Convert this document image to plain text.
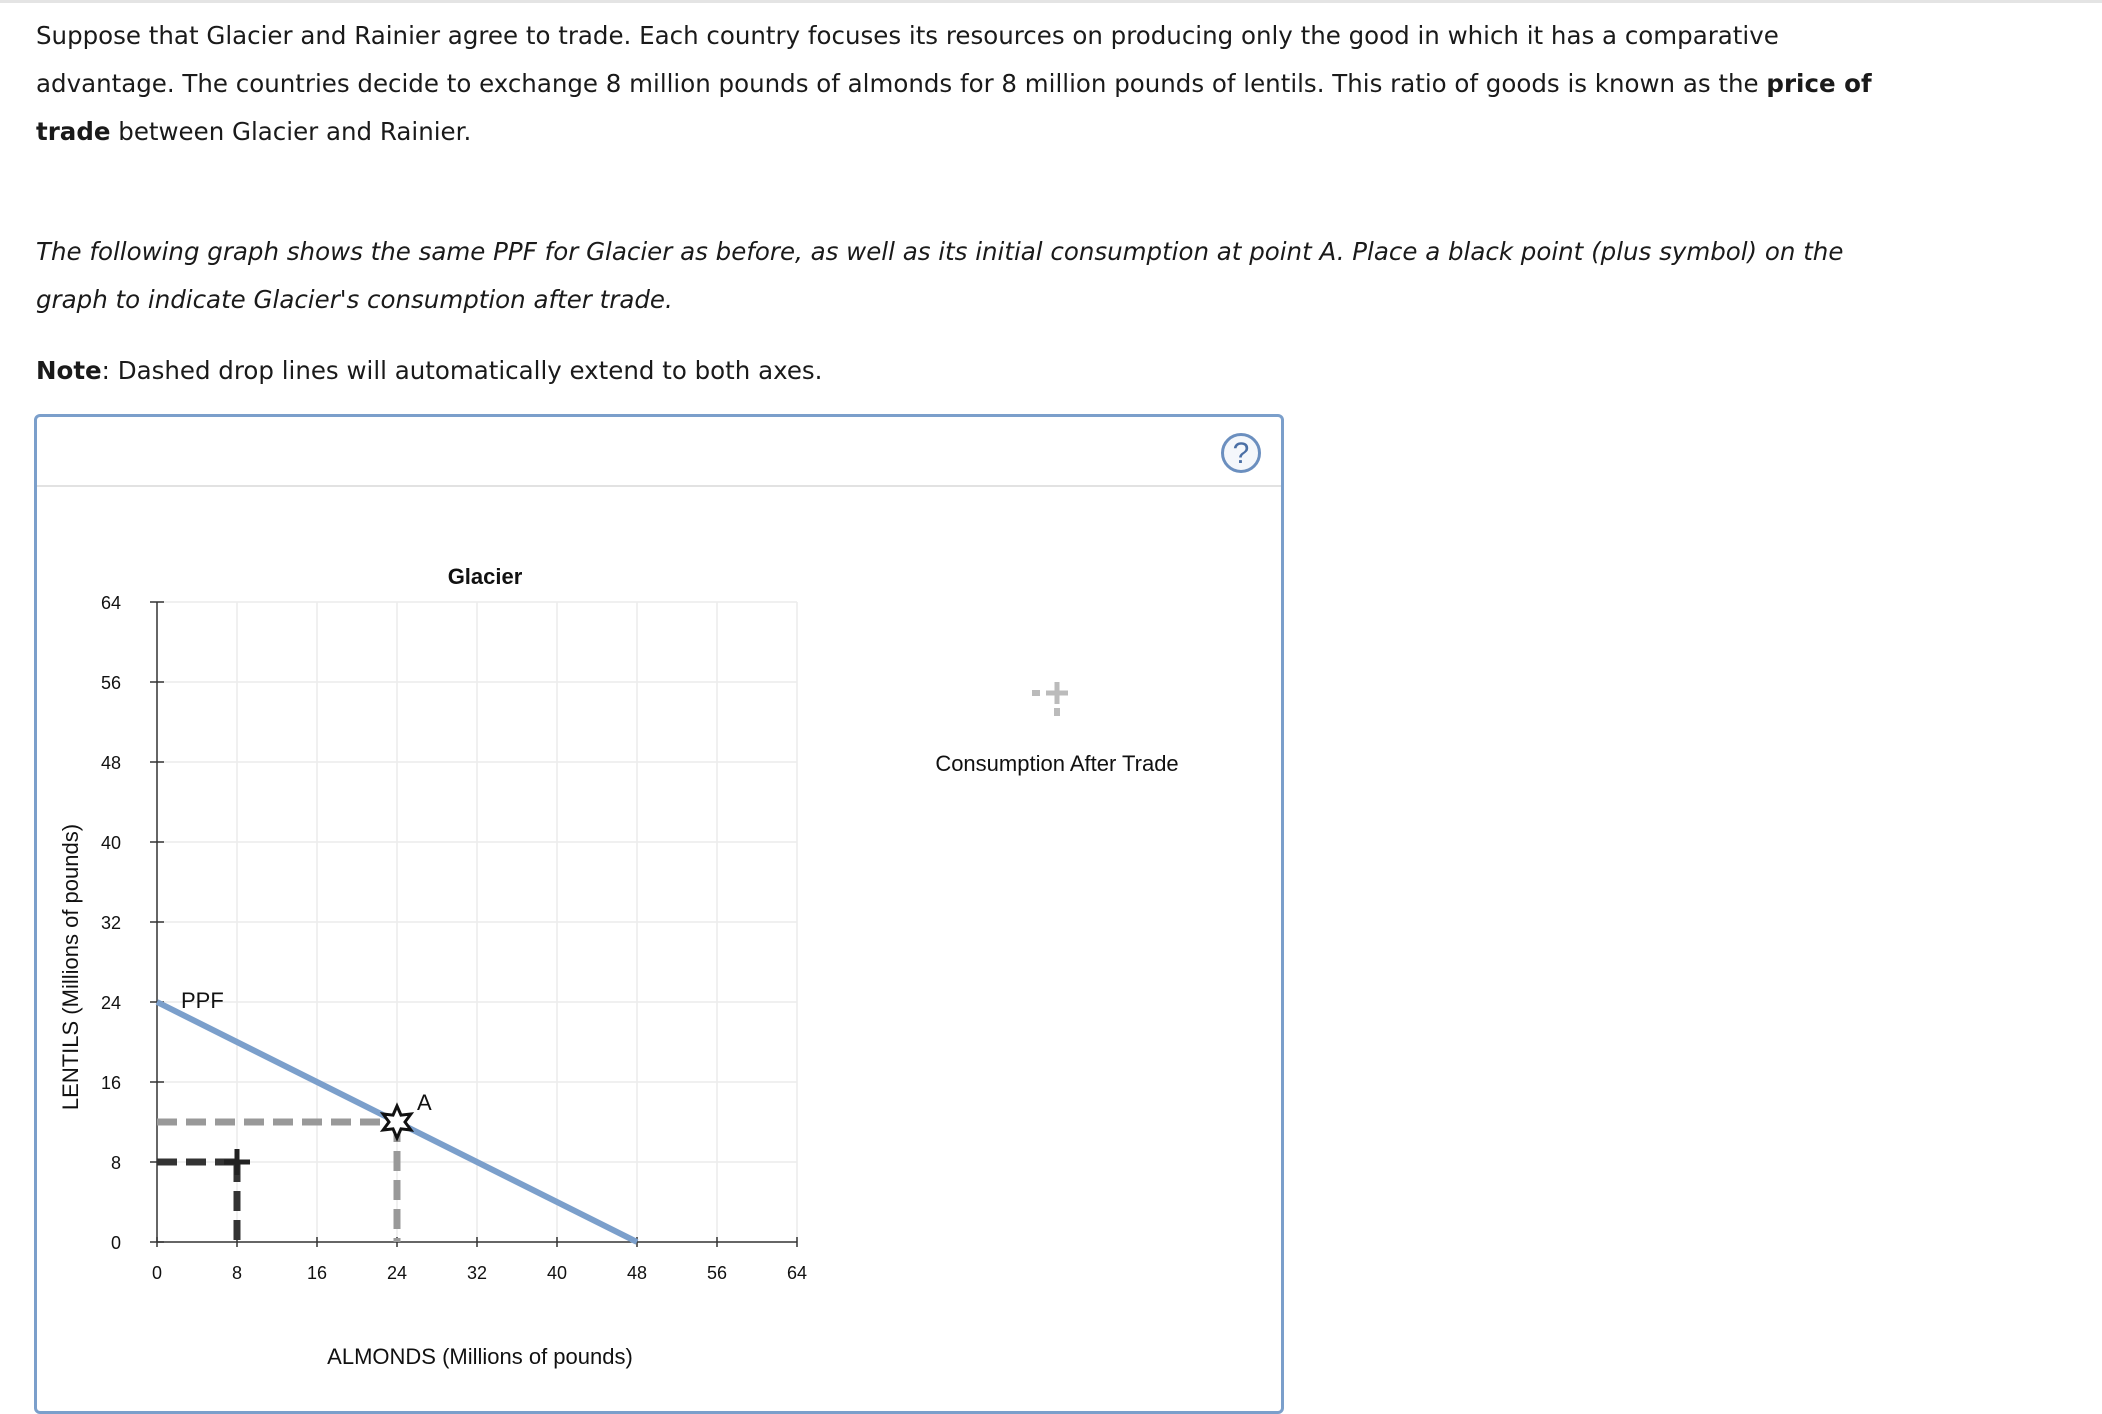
Suppose that Glacier and Rainier agree to trade. Each country focuses its resources on producing only the good in which it has a comparative advantage. The countries decide to exchange 8 million pounds of almonds for 8 million pounds of lentils. This ratio of goods is known as the price of trade between Glacier and Rainier.

The following graph shows the same PPF for Glacier as before, as well as its initial consumption at point A. Place a black point (plus symbol) on the graph to indicate Glacier's consumption after trade.

Note: Dashed drop lines will automatically extend to both axes.

?
Glacier
0	8	16	24	32	40	48	56	64
0
8
16
24
32
40
48
56
64
ALMONDS (Millions of pounds)
LENTILS (Millions of pounds)	PPF
A
Consumption After Trade
